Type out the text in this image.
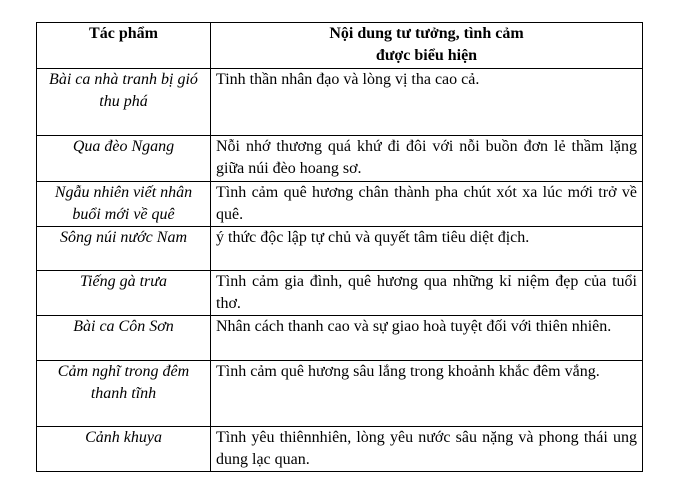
Tác phẩm	Nội dung tư tưởng, tình cảm
được biểu hiện

Bài ca nhà tranh bị gió thu phá	Tinh thần nhân đạo và lòng vị tha cao cả.
Qua đèo Ngang	Nỗi nhớ thương quá khứ đi đôi với nỗi buồn đơn lẻ thầm lặng giữa núi đèo hoang sơ.
Ngẫu nhiên viết nhân buổi mới về quê	Tình cảm quê hương chân thành pha chút xót xa lúc mới trở về quê.
Sông núi nước Nam	ý thức độc lập tự chủ và quyết tâm tiêu diệt địch.
Tiếng gà trưa	Tình cảm gia đình, quê hương qua những kỉ niệm đẹp của tuổi thơ.
Bài ca Côn Sơn	Nhân cách thanh cao và sự giao hoà tuyệt đối với thiên nhiên.
Cảm nghĩ trong đêm thanh tĩnh	Tình cảm quê hương sâu lắng trong khoảnh khắc đêm vắng.
Cảnh khuya	Tình yêu thiênnhiên, lòng yêu nước sâu nặng và phong thái ung dung lạc quan.
